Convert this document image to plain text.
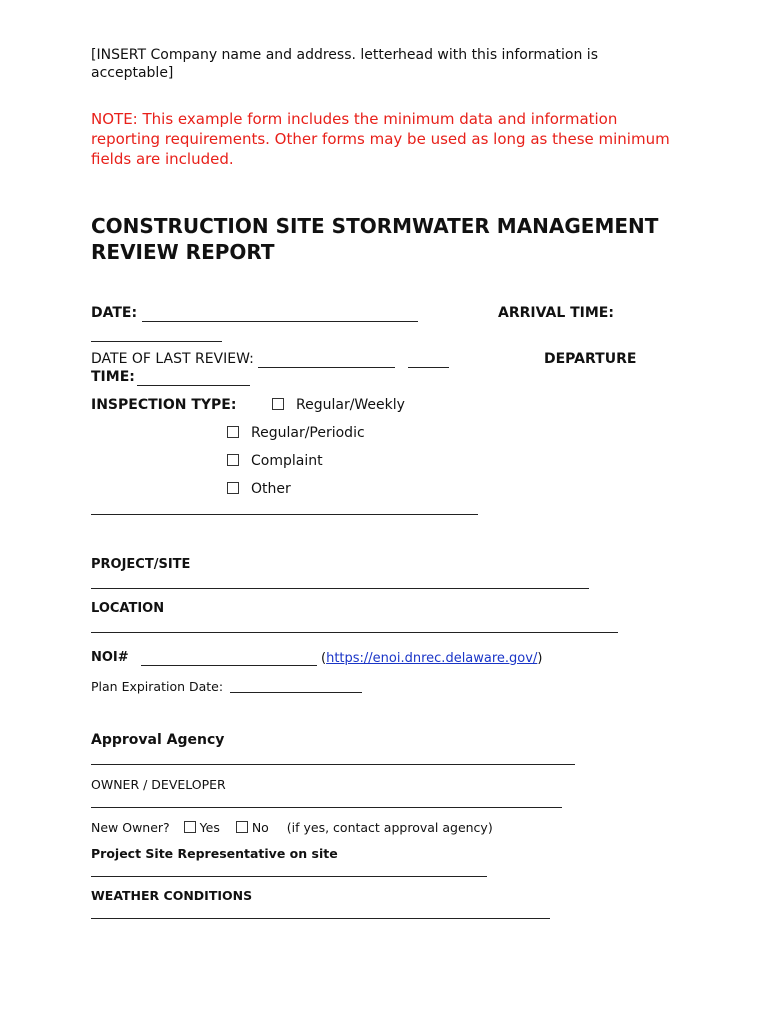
[INSERT Company name and address. letterhead with this information is
acceptable]
NOTE: This example form includes the minimum data and information
reporting requirements. Other forms may be used as long as these minimum
fields are included.
CONSTRUCTION SITE STORMWATER MANAGEMENT
REVIEW REPORT
DATE:	ARRIVAL TIME:
DATE OF LAST REVIEW:	DEPARTURE
TIME:
INSPECTION TYPE:	Regular/Weekly
Regular/Periodic
Complaint
Other
PROJECT/SITE
LOCATION
NOI#	(https://enoi.dnrec.delaware.gov/)
Plan Expiration Date:
Approval Agency
OWNER / DEVELOPER
New Owner? Yes	No (if yes, contact approval agency)
Project Site Representative on site
WEATHER CONDITIONS
